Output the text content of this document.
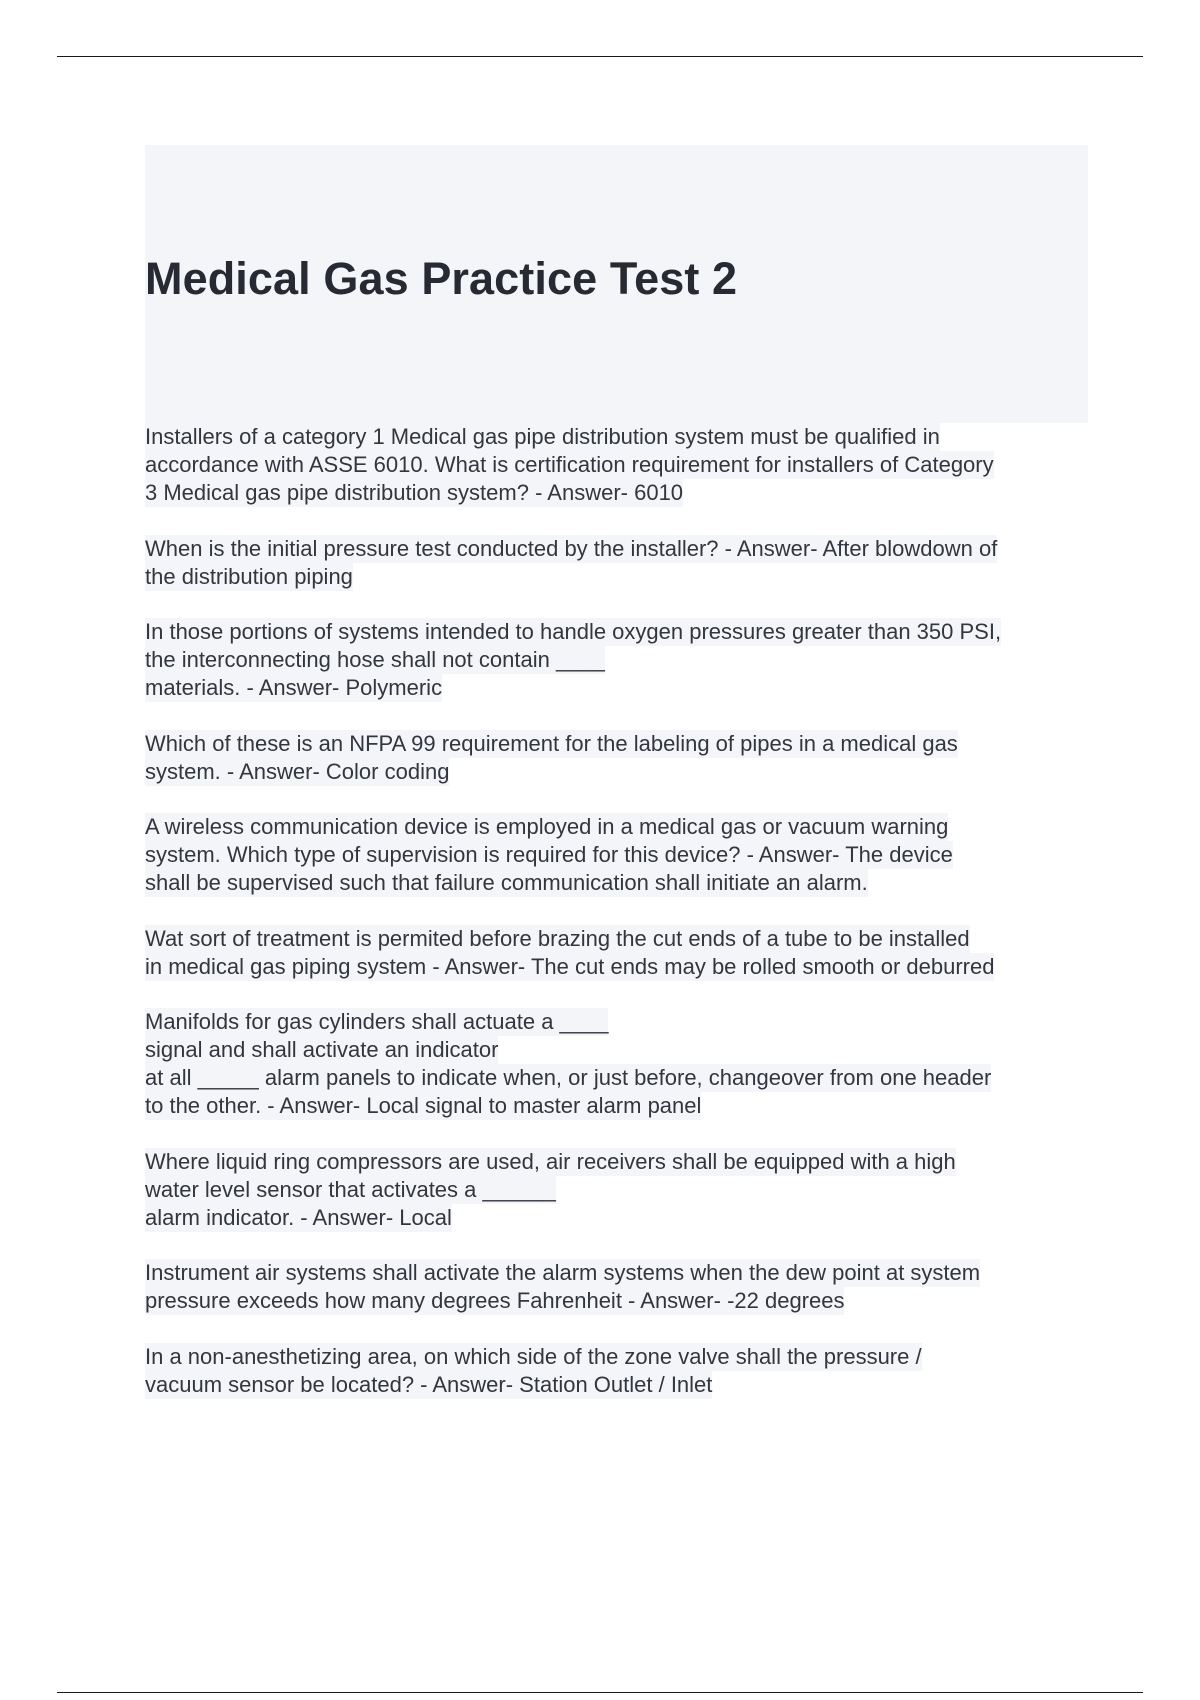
Medical Gas Practice Test 2
Installers of a category 1 Medical gas pipe distribution system must be qualified in
accordance with ASSE 6010. What is certification requirement for installers of Category
3 Medical gas pipe distribution system? - Answer- 6010
When is the initial pressure test conducted by the installer? - Answer- After blowdown of
the distribution piping
In those portions of systems intended to handle oxygen pressures greater than 350 PSI,
the interconnecting hose shall not contain ____
materials. - Answer- Polymeric
Which of these is an NFPA 99 requirement for the labeling of pipes in a medical gas
system. - Answer- Color coding
A wireless communication device is employed in a medical gas or vacuum warning
system. Which type of supervision is required for this device? - Answer- The device
shall be supervised such that failure communication shall initiate an alarm.
Wat sort of treatment is permited before brazing the cut ends of a tube to be installed
in medical gas piping system - Answer- The cut ends may be rolled smooth or deburred
Manifolds for gas cylinders shall actuate a ____
signal and shall activate an indicator
at all _____ alarm panels to indicate when, or just before, changeover from one header
to the other. - Answer- Local signal to master alarm panel
Where liquid ring compressors are used, air receivers shall be equipped with a high
water level sensor that activates a ______
alarm indicator. - Answer- Local
Instrument air systems shall activate the alarm systems when the dew point at system
pressure exceeds how many degrees Fahrenheit - Answer- -22 degrees
In a non-anesthetizing area, on which side of the zone valve shall the pressure /
vacuum sensor be located? - Answer- Station Outlet / Inlet
